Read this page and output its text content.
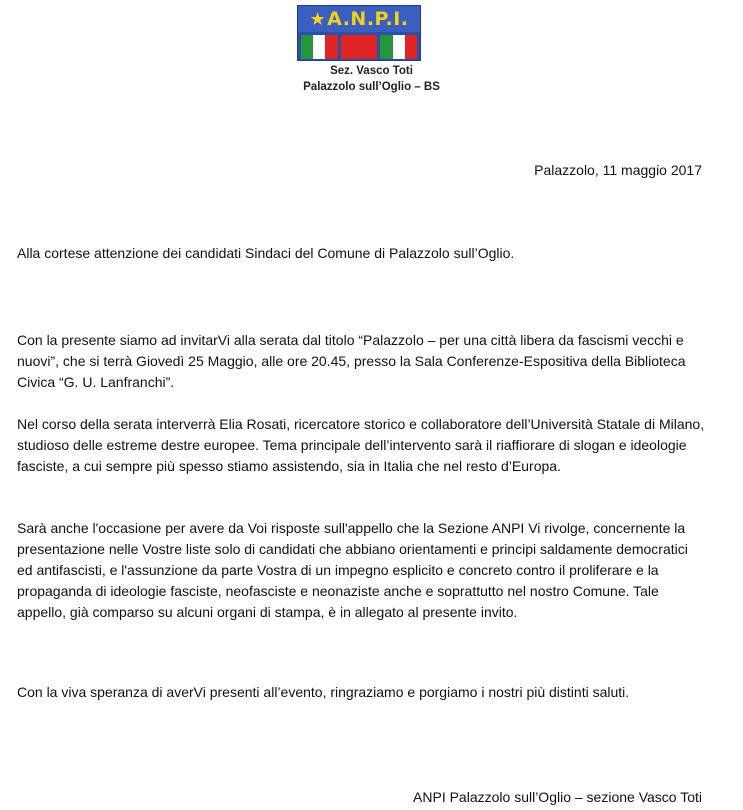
★ A.N.P.I.
Sez. Vasco Toti
Palazzolo sull’Oglio – BS
Palazzolo, 11 maggio 2017
Alla cortese attenzione dei candidati Sindaci del Comune di Palazzolo sull’Oglio.

Con la presente siamo ad invitarVi alla serata dal titolo “Palazzolo – per una città libera da fascismi vecchi e nuovi”, che si terrà Giovedì 25 Maggio, alle ore 20.45, presso la Sala Conferenze-Espositiva della Biblioteca Civica “G. U. Lanfranchi”.

Nel corso della serata interverrà Elia Rosati, ricercatore storico e collaboratore dell’Università Statale di Milano, studioso delle estreme destre europee. Tema principale dell’intervento sarà il riaffiorare di slogan e ideologie fasciste, a cui sempre più spesso stiamo assistendo, sia in Italia che nel resto d’Europa.

Sarà anche l'occasione per avere da Voi risposte sull'appello che la Sezione ANPI Vi rivolge, concernente la presentazione nelle Vostre liste solo di candidati che abbiano orientamenti e principi saldamente democratici ed antifascisti, e l'assunzione da parte Vostra di un impegno esplicito e concreto contro il proliferare e la propaganda di ideologie fasciste, neofasciste e neonaziste anche e soprattutto nel nostro Comune. Tale appello, già comparso su alcuni organi di stampa, è in allegato al presente invito.

Con la viva speranza di averVi presenti all’evento, ringraziamo e porgiamo i nostri più distinti saluti.

ANPI Palazzolo sull’Oglio – sezione Vasco Toti
